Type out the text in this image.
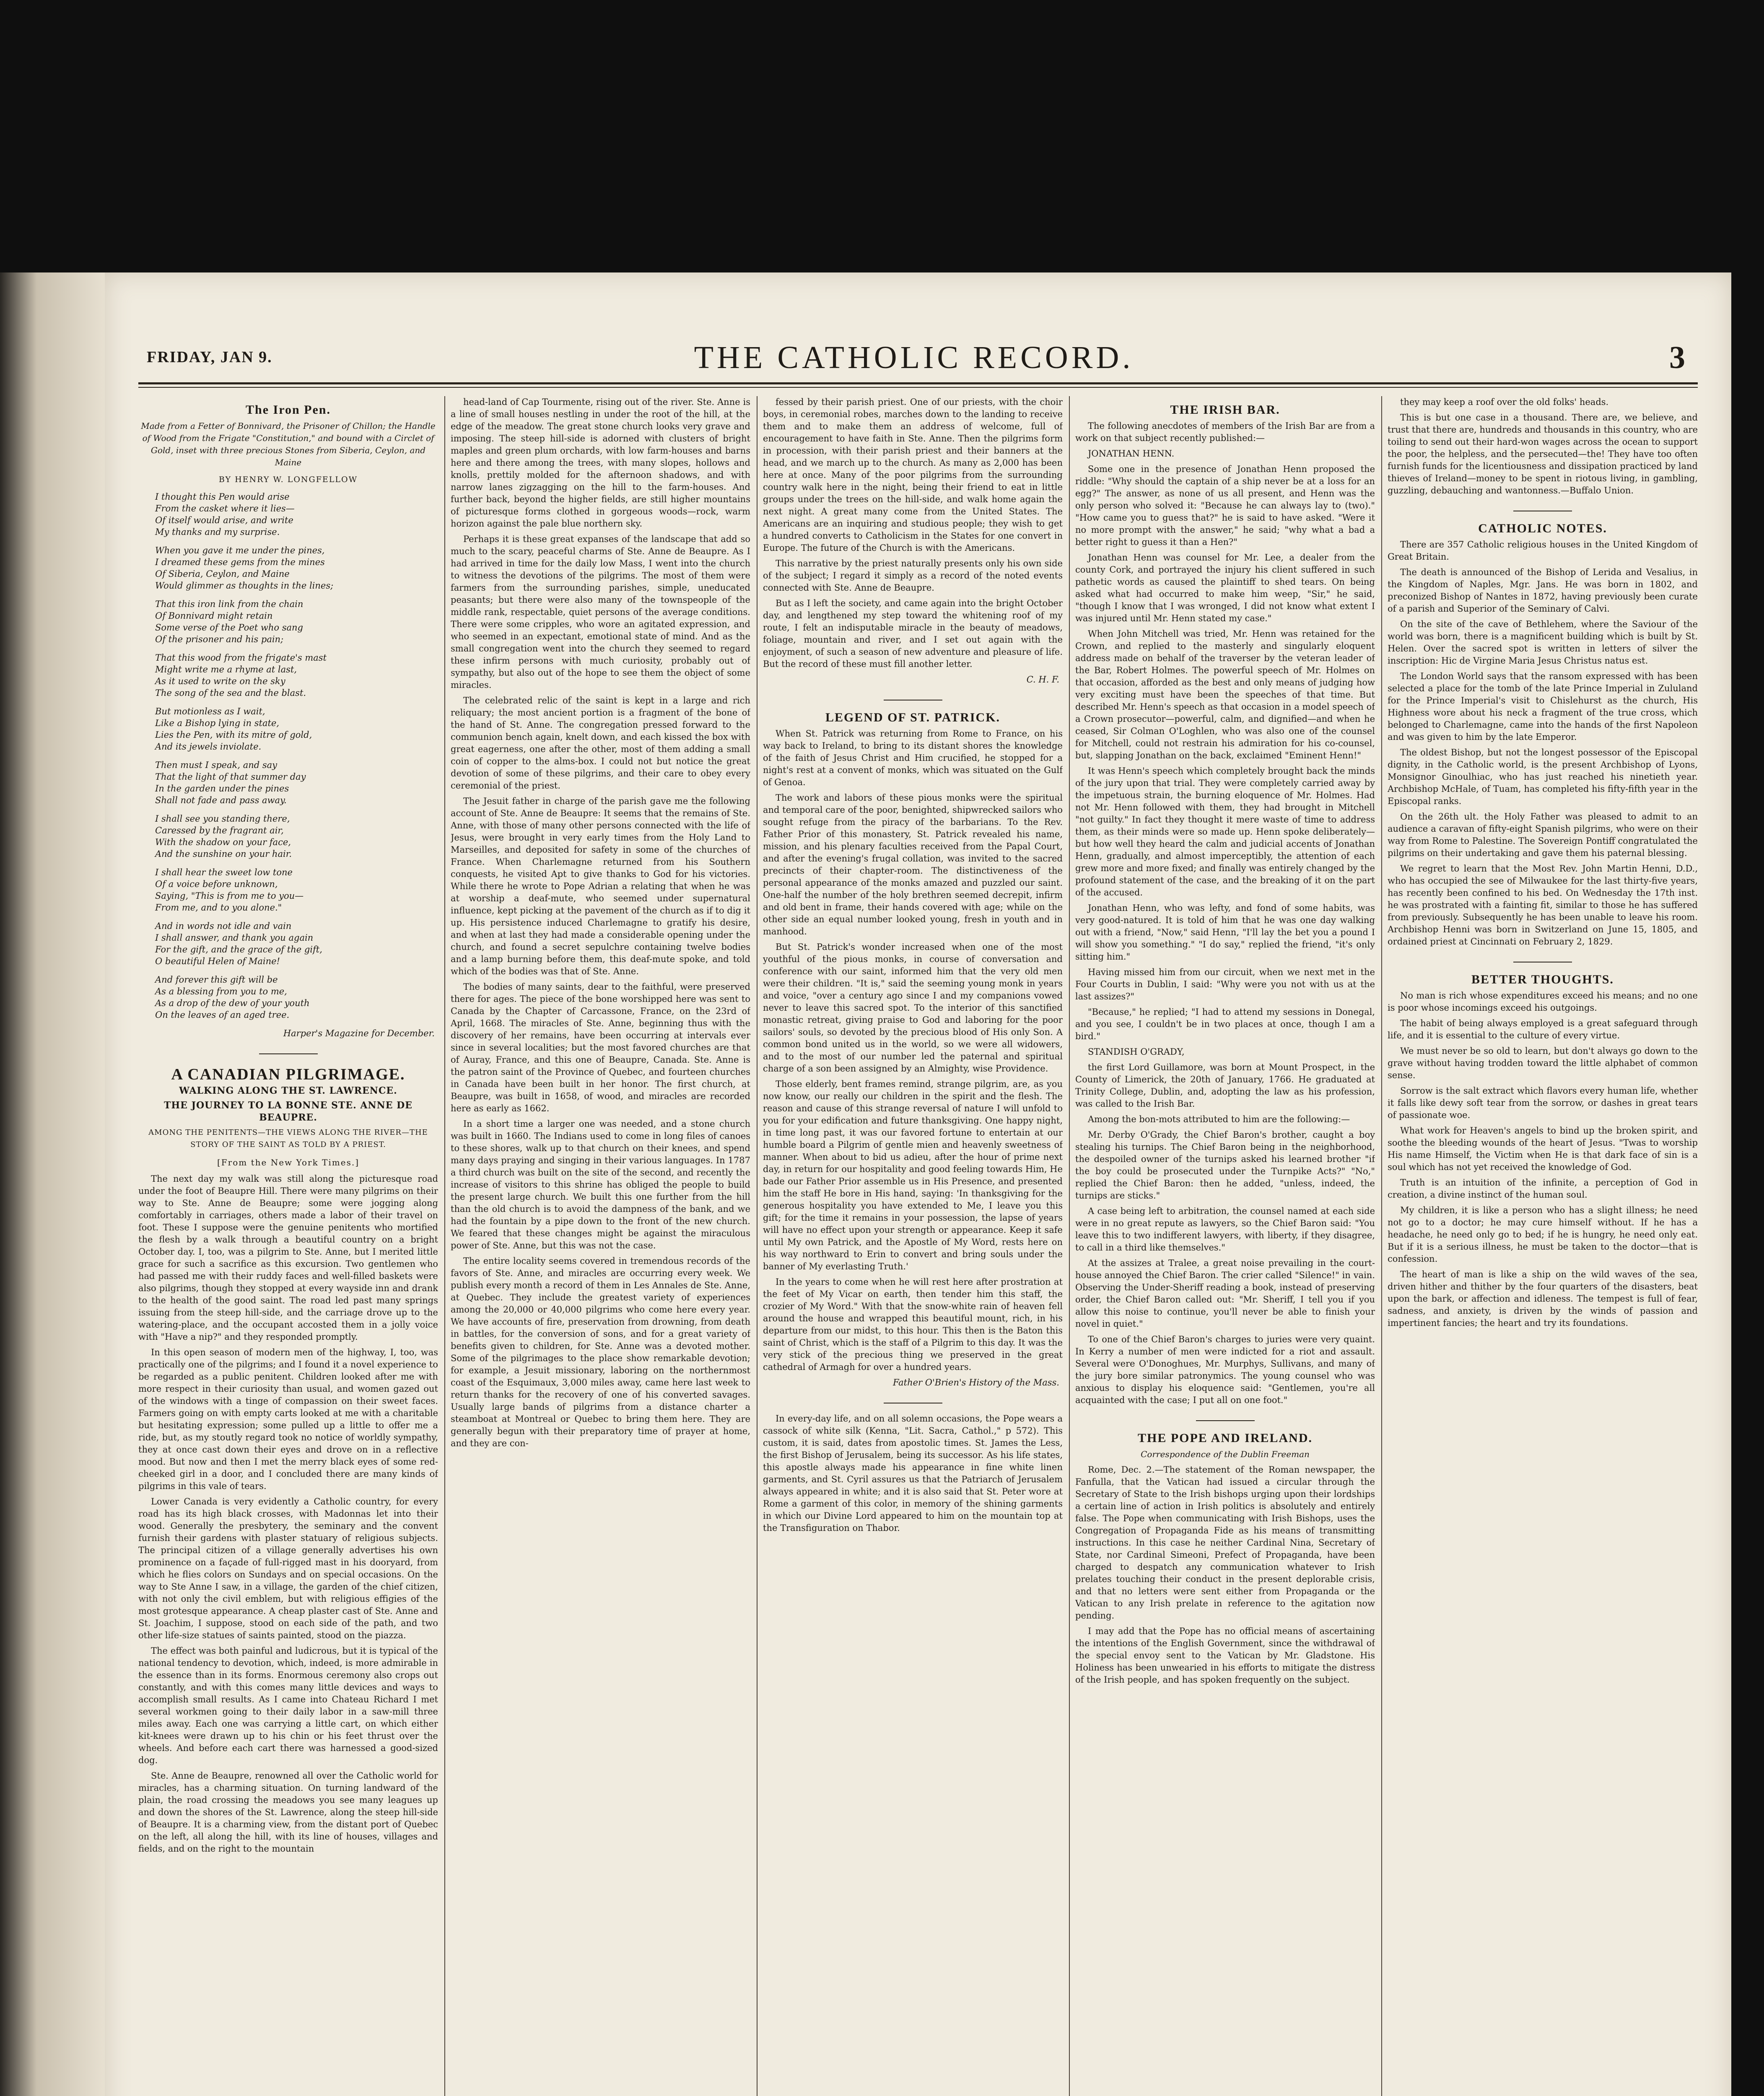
FRIDAY, JAN 9.	THE CATHOLIC RECORD.	3
The Iron Pen.
Made from a Fetter of Bonnivard, the Prisoner of Chillon; the Handle of Wood from the Frigate "Constitution," and bound with a Circlet of Gold, inset with three precious Stones from Siberia, Ceylon, and Maine
BY HENRY W. LONGFELLOW
I thought this Pen would arise
From the casket where it lies—
Of itself would arise, and write
My thanks and my surprise.
When you gave it me under the pines,
I dreamed these gems from the mines
Of Siberia, Ceylon, and Maine
Would glimmer as thoughts in the lines;
That this iron link from the chain
Of Bonnivard might retain
Some verse of the Poet who sang
Of the prisoner and his pain;
That this wood from the frigate's mast
Might write me a rhyme at last,
As it used to write on the sky
The song of the sea and the blast.
But motionless as I wait,
Like a Bishop lying in state,
Lies the Pen, with its mitre of gold,
And its jewels inviolate.
Then must I speak, and say
That the light of that summer day
In the garden under the pines
Shall not fade and pass away.
I shall see you standing there,
Caressed by the fragrant air,
With the shadow on your face,
And the sunshine on your hair.
I shall hear the sweet low tone
Of a voice before unknown,
Saying, "This is from me to you—
From me, and to you alone."
And in words not idle and vain
I shall answer, and thank you again
For the gift, and the grace of the gift,
O beautiful Helen of Maine!
And forever this gift will be
As a blessing from you to me,
As a drop of the dew of your youth
On the leaves of an aged tree.
Harper's Magazine for December.
A CANADIAN PILGRIMAGE.
WALKING ALONG THE ST. LAWRENCE.
THE JOURNEY TO LA BONNE STE. ANNE DE BEAUPRE.
AMONG THE PENITENTS—THE VIEWS ALONG THE RIVER—THE STORY OF THE SAINT AS TOLD BY A PRIEST.
[From the New York Times.]
The next day my walk was still along the picturesque road under the foot of Beaupre Hill. There were many pilgrims on their way to Ste. Anne de Beaupre; some were jogging along comfortably in carriages, others made a labor of their travel on foot. These I suppose were the genuine penitents who mortified the flesh by a walk through a beautiful country on a bright October day. I, too, was a pilgrim to Ste. Anne, but I merited little grace for such a sacrifice as this excursion. Two gentlemen who had passed me with their ruddy faces and well-filled baskets were also pilgrims, though they stopped at every wayside inn and drank to the health of the good saint. The road led past many springs issuing from the steep hill-side, and the carriage drove up to the watering-place, and the occupant accosted them in a jolly voice with "Have a nip?" and they responded promptly.
In this open season of modern men of the highway, I, too, was practically one of the pilgrims; and I found it a novel experience to be regarded as a public penitent. Children looked after me with more respect in their curiosity than usual, and women gazed out of the windows with a tinge of compassion on their sweet faces. Farmers going on with empty carts looked at me with a charitable but hesitating expression; some pulled up a little to offer me a ride, but, as my stoutly regard took no notice of worldly sympathy, they at once cast down their eyes and drove on in a reflective mood. But now and then I met the merry black eyes of some red-cheeked girl in a door, and I concluded there are many kinds of pilgrims in this vale of tears.
Lower Canada is very evidently a Catholic country, for every road has its high black crosses, with Madonnas let into their wood. Generally the presbytery, the seminary and the convent furnish their gardens with plaster statuary of religious subjects. The principal citizen of a village generally advertises his own prominence on a façade of full-rigged mast in his dooryard, from which he flies colors on Sundays and on special occasions. On the way to Ste Anne I saw, in a village, the garden of the chief citizen, with not only the civil emblem, but with religious effigies of the most grotesque appearance. A cheap plaster cast of Ste. Anne and St. Joachim, I suppose, stood on each side of the path, and two other life-size statues of saints painted, stood on the piazza.
The effect was both painful and ludicrous, but it is typical of the national tendency to devotion, which, indeed, is more admirable in the essence than in its forms. Enormous ceremony also crops out constantly, and with this comes many little devices and ways to accomplish small results. As I came into Chateau Richard I met several workmen going to their daily labor in a saw-mill three miles away. Each one was carrying a little cart, on which either kit-knees were drawn up to his chin or his feet thrust over the wheels. And before each cart there was harnessed a good-sized dog.
Ste. Anne de Beaupre, renowned all over the Catholic world for miracles, has a charming situation. On turning landward of the plain, the road crossing the meadows you see many leagues up and down the shores of the St. Lawrence, along the steep hill-side of Beaupre. It is a charming view, from the distant port of Quebec on the left, all along the hill, with its line of houses, villages and fields, and on the right to the mountain
head-land of Cap Tourmente, rising out of the river. Ste. Anne is a line of small houses nestling in under the root of the hill, at the edge of the meadow. The great stone church looks very grave and imposing. The steep hill-side is adorned with clusters of bright maples and green plum orchards, with low farm-houses and barns here and there among the trees, with many slopes, hollows and knolls, prettily molded for the afternoon shadows, and with narrow lanes zigzagging on the hill to the farm-houses. And further back, beyond the higher fields, are still higher mountains of picturesque forms clothed in gorgeous woods—rock, warm horizon against the pale blue northern sky.
Perhaps it is these great expanses of the landscape that add so much to the scary, peaceful charms of Ste. Anne de Beaupre. As I had arrived in time for the daily low Mass, I went into the church to witness the devotions of the pilgrims. The most of them were farmers from the surrounding parishes, simple, uneducated peasants; but there were also many of the townspeople of the middle rank, respectable, quiet persons of the average conditions. There were some cripples, who wore an agitated expression, and who seemed in an expectant, emotional state of mind. And as the small congregation went into the church they seemed to regard these infirm persons with much curiosity, probably out of sympathy, but also out of the hope to see them the object of some miracles.
The celebrated relic of the saint is kept in a large and rich reliquary; the most ancient portion is a fragment of the bone of the hand of St. Anne. The congregation pressed forward to the communion bench again, knelt down, and each kissed the box with great eagerness, one after the other, most of them adding a small coin of copper to the alms-box. I could not but notice the great devotion of some of these pilgrims, and their care to obey every ceremonial of the priest.
The Jesuit father in charge of the parish gave me the following account of Ste. Anne de Beaupre: It seems that the remains of Ste. Anne, with those of many other persons connected with the life of Jesus, were brought in very early times from the Holy Land to Marseilles, and deposited for safety in some of the churches of France. When Charlemagne returned from his Southern conquests, he visited Apt to give thanks to God for his victories. While there he wrote to Pope Adrian a relating that when he was at worship a deaf-mute, who seemed under supernatural influence, kept picking at the pavement of the church as if to dig it up. His persistence induced Charlemagne to gratify his desire, and when at last they had made a considerable opening under the church, and found a secret sepulchre containing twelve bodies and a lamp burning before them, this deaf-mute spoke, and told which of the bodies was that of Ste. Anne.
The bodies of many saints, dear to the faithful, were preserved there for ages. The piece of the bone worshipped here was sent to Canada by the Chapter of Carcassone, France, on the 23rd of April, 1668. The miracles of Ste. Anne, beginning thus with the discovery of her remains, have been occurring at intervals ever since in several localities; but the most favored churches are that of Auray, France, and this one of Beaupre, Canada. Ste. Anne is the patron saint of the Province of Quebec, and fourteen churches in Canada have been built in her honor. The first church, at Beaupre, was built in 1658, of wood, and miracles are recorded here as early as 1662.
In a short time a larger one was needed, and a stone church was built in 1660. The Indians used to come in long files of canoes to these shores, walk up to that church on their knees, and spend many days praying and singing in their various languages. In 1787 a third church was built on the site of the second, and recently the increase of visitors to this shrine has obliged the people to build the present large church. We built this one further from the hill than the old church is to avoid the dampness of the bank, and we had the fountain by a pipe down to the front of the new church. We feared that these changes might be against the miraculous power of Ste. Anne, but this was not the case.
The entire locality seems covered in tremendous records of the favors of Ste. Anne, and miracles are occurring every week. We publish every month a record of them in Les Annales de Ste. Anne, at Quebec. They include the greatest variety of experiences among the 20,000 or 40,000 pilgrims who come here every year. We have accounts of fire, preservation from drowning, from death in battles, for the conversion of sons, and for a great variety of benefits given to children, for Ste. Anne was a devoted mother. Some of the pilgrimages to the place show remarkable devotion; for example, a Jesuit missionary, laboring on the northernmost coast of the Esquimaux, 3,000 miles away, came here last week to return thanks for the recovery of one of his converted savages. Usually large bands of pilgrims from a distance charter a steamboat at Montreal or Quebec to bring them here. They are generally begun with their preparatory time of prayer at home, and they are con-
fessed by their parish priest. One of our priests, with the choir boys, in ceremonial robes, marches down to the landing to receive them and to make them an address of welcome, full of encouragement to have faith in Ste. Anne. Then the pilgrims form in procession, with their parish priest and their banners at the head, and we march up to the church. As many as 2,000 has been here at once. Many of the poor pilgrims from the surrounding country walk here in the night, being their friend to eat in little groups under the trees on the hill-side, and walk home again the next night. A great many come from the United States. The Americans are an inquiring and studious people; they wish to get a hundred converts to Catholicism in the States for one convert in Europe. The future of the Church is with the Americans.
This narrative by the priest naturally presents only his own side of the subject; I regard it simply as a record of the noted events connected with Ste. Anne de Beaupre.
But as I left the society, and came again into the bright October day, and lengthened my step toward the whitening roof of my route, I felt an indisputable miracle in the beauty of meadows, foliage, mountain and river, and I set out again with the enjoyment, of such a season of new adventure and pleasure of life. But the record of these must fill another letter.
C. H. F.
LEGEND OF ST. PATRICK.
When St. Patrick was returning from Rome to France, on his way back to Ireland, to bring to its distant shores the knowledge of the faith of Jesus Christ and Him crucified, he stopped for a night's rest at a convent of monks, which was situated on the Gulf of Genoa.
The work and labors of these pious monks were the spiritual and temporal care of the poor, benighted, shipwrecked sailors who sought refuge from the piracy of the barbarians. To the Rev. Father Prior of this monastery, St. Patrick revealed his name, mission, and his plenary faculties received from the Papal Court, and after the evening's frugal collation, was invited to the sacred precincts of their chapter-room. The distinctiveness of the personal appearance of the monks amazed and puzzled our saint. One-half the number of the holy brethren seemed decrepit, infirm and old bent in frame, their hands covered with age; while on the other side an equal number looked young, fresh in youth and in manhood.
But St. Patrick's wonder increased when one of the most youthful of the pious monks, in course of conversation and conference with our saint, informed him that the very old men were their children. "It is," said the seeming young monk in years and voice, "over a century ago since I and my companions vowed never to leave this sacred spot. To the interior of this sanctified monastic retreat, giving praise to God and laboring for the poor sailors' souls, so devoted by the precious blood of His only Son. A common bond united us in the world, so we were all widowers, and to the most of our number led the paternal and spiritual charge of a son been assigned by an Almighty, wise Providence.
Those elderly, bent frames remind, strange pilgrim, are, as you now know, our really our children in the spirit and the flesh. The reason and cause of this strange reversal of nature I will unfold to you for your edification and future thanksgiving. One happy night, in time long past, it was our favored fortune to entertain at our humble board a Pilgrim of gentle mien and heavenly sweetness of manner. When about to bid us adieu, after the hour of prime next day, in return for our hospitality and good feeling towards Him, He bade our Father Prior assemble us in His Presence, and presented him the staff He bore in His hand, saying: 'In thanksgiving for the generous hospitality you have extended to Me, I leave you this gift; for the time it remains in your possession, the lapse of years will have no effect upon your strength or appearance. Keep it safe until My own Patrick, and the Apostle of My Word, rests here on his way northward to Erin to convert and bring souls under the banner of My everlasting Truth.'
In the years to come when he will rest here after prostration at the feet of My Vicar on earth, then tender him this staff, the crozier of My Word." With that the snow-white rain of heaven fell around the house and wrapped this beautiful mount, rich, in his departure from our midst, to this hour. This then is the Baton this saint of Christ, which is the staff of a Pilgrim to this day. It was the very stick of the precious thing we preserved in the great cathedral of Armagh for over a hundred years.
Father O'Brien's History of the Mass.
In every-day life, and on all solemn occasions, the Pope wears a cassock of white silk (Kenna, "Lit. Sacra, Cathol.," p 572). This custom, it is said, dates from apostolic times. St. James the Less, the first Bishop of Jerusalem, being its successor. As his life states, this apostle always made his appearance in fine white linen garments, and St. Cyril assures us that the Patriarch of Jerusalem always appeared in white; and it is also said that St. Peter wore at Rome a garment of this color, in memory of the shining garments in which our Divine Lord appeared to him on the mountain top at the Transfiguration on Thabor.
THE IRISH BAR.
The following anecdotes of members of the Irish Bar are from a work on that subject recently published:—
JONATHAN HENN.
Some one in the presence of Jonathan Henn proposed the riddle: "Why should the captain of a ship never be at a loss for an egg?" The answer, as none of us all present, and Henn was the only person who solved it: "Because he can always lay to (two)." "How came you to guess that?" he is said to have asked. "Were it no more prompt with the answer," he said; "why what a bad a better right to guess it than a Hen?"
Jonathan Henn was counsel for Mr. Lee, a dealer from the county Cork, and portrayed the injury his client suffered in such pathetic words as caused the plaintiff to shed tears. On being asked what had occurred to make him weep, "Sir," he said, "though I know that I was wronged, I did not know what extent I was injured until Mr. Henn stated my case."
When John Mitchell was tried, Mr. Henn was retained for the Crown, and replied to the masterly and singularly eloquent address made on behalf of the traverser by the veteran leader of the Bar, Robert Holmes. The powerful speech of Mr. Holmes on that occasion, afforded as the best and only means of judging how very exciting must have been the speeches of that time. But described Mr. Henn's speech as that occasion in a model speech of a Crown prosecutor—powerful, calm, and dignified—and when he ceased, Sir Colman O'Loghlen, who was also one of the counsel for Mitchell, could not restrain his admiration for his co-counsel, but, slapping Jonathan on the back, exclaimed "Eminent Henn!"
It was Henn's speech which completely brought back the minds of the jury upon that trial. They were completely carried away by the impetuous strain, the burning eloquence of Mr. Holmes. Had not Mr. Henn followed with them, they had brought in Mitchell "not guilty." In fact they thought it mere waste of time to address them, as their minds were so made up. Henn spoke deliberately—but how well they heard the calm and judicial accents of Jonathan Henn, gradually, and almost imperceptibly, the attention of each grew more and more fixed; and finally was entirely changed by the profound statement of the case, and the breaking of it on the part of the accused.
Jonathan Henn, who was lefty, and fond of some habits, was very good-natured. It is told of him that he was one day walking out with a friend, "Now," said Henn, "I'll lay the bet you a pound I will show you something." "I do say," replied the friend, "it's only sitting him."
Having missed him from our circuit, when we next met in the Four Courts in Dublin, I said: "Why were you not with us at the last assizes?"
"Because," he replied; "I had to attend my sessions in Donegal, and you see, I couldn't be in two places at once, though I am a bird."
STANDISH O'GRADY,
the first Lord Guillamore, was born at Mount Prospect, in the County of Limerick, the 20th of January, 1766. He graduated at Trinity College, Dublin, and, adopting the law as his profession, was called to the Irish Bar.
Among the bon-mots attributed to him are the following:—
Mr. Derby O'Grady, the Chief Baron's brother, caught a boy stealing his turnips. The Chief Baron being in the neighborhood, the despoiled owner of the turnips asked his learned brother "if the boy could be prosecuted under the Turnpike Acts?" "No," replied the Chief Baron: then he added, "unless, indeed, the turnips are sticks."
A case being left to arbitration, the counsel named at each side were in no great repute as lawyers, so the Chief Baron said: "You leave this to two indifferent lawyers, with liberty, if they disagree, to call in a third like themselves."
At the assizes at Tralee, a great noise prevailing in the court-house annoyed the Chief Baron. The crier called "Silence!" in vain. Observing the Under-Sheriff reading a book, instead of preserving order, the Chief Baron called out: "Mr. Sheriff, I tell you if you allow this noise to continue, you'll never be able to finish your novel in quiet."
To one of the Chief Baron's charges to juries were very quaint. In Kerry a number of men were indicted for a riot and assault. Several were O'Donoghues, Mr. Murphys, Sullivans, and many of the jury bore similar patronymics. The young counsel who was anxious to display his eloquence said: "Gentlemen, you're all acquainted with the case; I put all on one foot."
THE POPE AND IRELAND.
Correspondence of the Dublin Freeman
Rome, Dec. 2.—The statement of the Roman newspaper, the Fanfulla, that the Vatican had issued a circular through the Secretary of State to the Irish bishops urging upon their lordships a certain line of action in Irish politics is absolutely and entirely false. The Pope when communicating with Irish Bishops, uses the Congregation of Propaganda Fide as his means of transmitting instructions. In this case he neither Cardinal Nina, Secretary of State, nor Cardinal Simeoni, Prefect of Propaganda, have been charged to despatch any communication whatever to Irish prelates touching their conduct in the present deplorable crisis, and that no letters were sent either from Propaganda or the Vatican to any Irish prelate in reference to the agitation now pending.
I may add that the Pope has no official means of ascertaining the intentions of the English Government, since the withdrawal of the special envoy sent to the Vatican by Mr. Gladstone. His Holiness has been unwearied in his efforts to mitigate the distress of the Irish people, and has spoken frequently on the subject.
they may keep a roof over the old folks' heads.
This is but one case in a thousand. There are, we believe, and trust that there are, hundreds and thousands in this country, who are toiling to send out their hard-won wages across the ocean to support the poor, the helpless, and the persecuted—the! They have too often furnish funds for the licentiousness and dissipation practiced by land thieves of Ireland—money to be spent in riotous living, in gambling, guzzling, debauching and wantonness.—Buffalo Union.
CATHOLIC NOTES.
There are 357 Catholic religious houses in the United Kingdom of Great Britain.
The death is announced of the Bishop of Lerida and Vesalius, in the Kingdom of Naples, Mgr. Jans. He was born in 1802, and preconized Bishop of Nantes in 1872, having previously been curate of a parish and Superior of the Seminary of Calvi.
On the site of the cave of Bethlehem, where the Saviour of the world was born, there is a magnificent building which is built by St. Helen. Over the sacred spot is written in letters of silver the inscription: Hic de Virgine Maria Jesus Christus natus est.
The London World says that the ransom expressed with has been selected a place for the tomb of the late Prince Imperial in Zululand for the Prince Imperial's visit to Chislehurst as the church, His Highness wore about his neck a fragment of the true cross, which belonged to Charlemagne, came into the hands of the first Napoleon and was given to him by the late Emperor.
The oldest Bishop, but not the longest possessor of the Episcopal dignity, in the Catholic world, is the present Archbishop of Lyons, Monsignor Ginoulhiac, who has just reached his ninetieth year. Archbishop McHale, of Tuam, has completed his fifty-fifth year in the Episcopal ranks.
On the 26th ult. the Holy Father was pleased to admit to an audience a caravan of fifty-eight Spanish pilgrims, who were on their way from Rome to Palestine. The Sovereign Pontiff congratulated the pilgrims on their undertaking and gave them his paternal blessing.
We regret to learn that the Most Rev. John Martin Henni, D.D., who has occupied the see of Milwaukee for the last thirty-five years, has recently been confined to his bed. On Wednesday the 17th inst. he was prostrated with a fainting fit, similar to those he has suffered from previously. Subsequently he has been unable to leave his room. Archbishop Henni was born in Switzerland on June 15, 1805, and ordained priest at Cincinnati on February 2, 1829.
BETTER THOUGHTS.
No man is rich whose expenditures exceed his means; and no one is poor whose incomings exceed his outgoings.
The habit of being always employed is a great safeguard through life, and it is essential to the culture of every virtue.
We must never be so old to learn, but don't always go down to the grave without having trodden toward the little alphabet of common sense.
Sorrow is the salt extract which flavors every human life, whether it falls like dewy soft tear from the sorrow, or dashes in great tears of passionate woe.
What work for Heaven's angels to bind up the broken spirit, and soothe the bleeding wounds of the heart of Jesus. "Twas to worship His name Himself, the Victim when He is that dark face of sin is a soul which has not yet received the knowledge of God.
Truth is an intuition of the infinite, a perception of God in creation, a divine instinct of the human soul.
My children, it is like a person who has a slight illness; he need not go to a doctor; he may cure himself without. If he has a headache, he need only go to bed; if he is hungry, he need only eat. But if it is a serious illness, he must be taken to the doctor—that is confession.
The heart of man is like a ship on the wild waves of the sea, driven hither and thither by the four quarters of the disasters, beat upon the bark, or affection and idleness. The tempest is full of fear, sadness, and anxiety, is driven by the winds of passion and impertinent fancies; the heart and try its foundations.
